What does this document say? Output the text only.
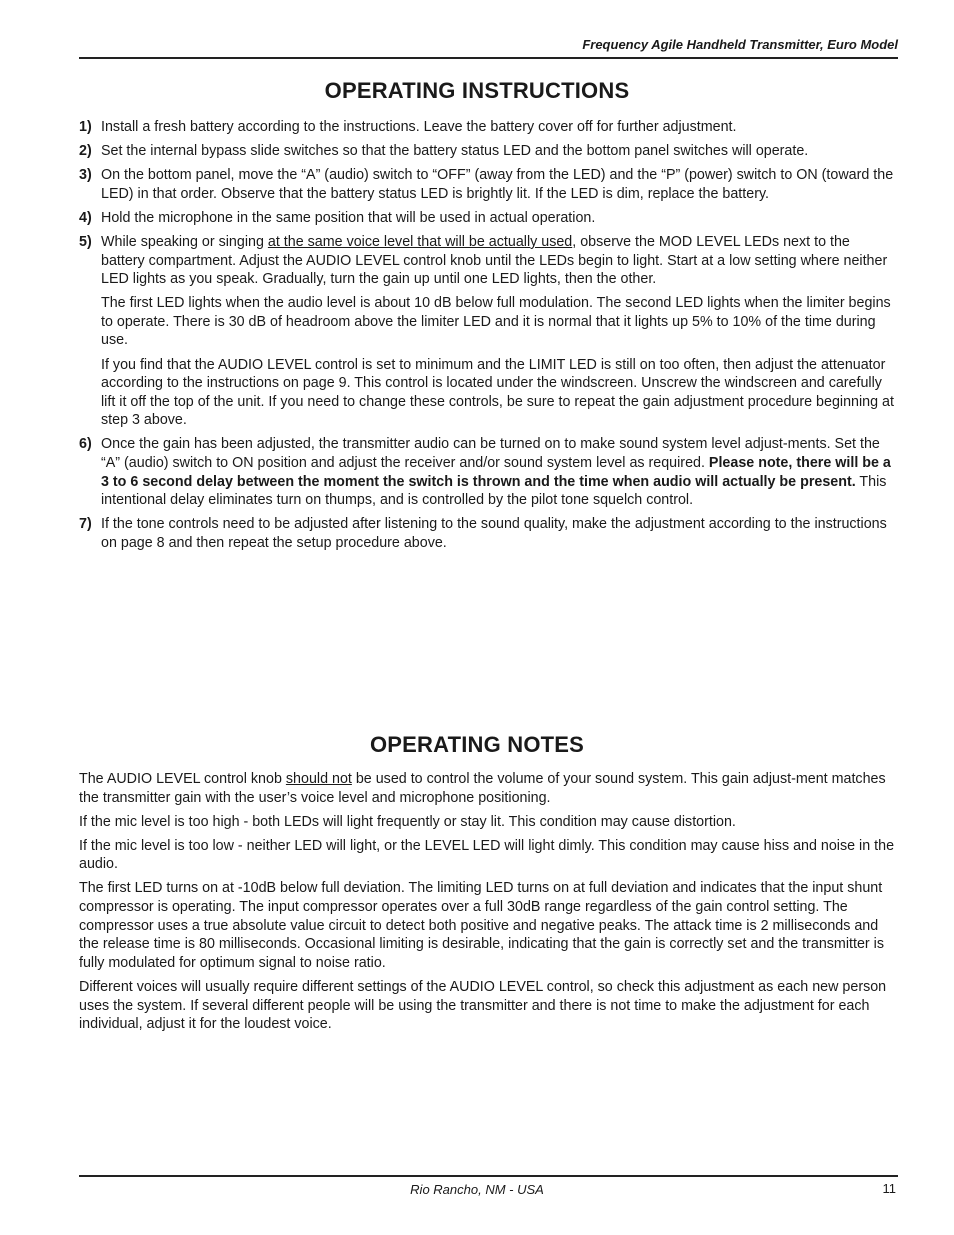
Frequency Agile Handheld Transmitter, Euro Model
OPERATING INSTRUCTIONS
1) Install a fresh battery according to the instructions. Leave the battery cover off for further adjustment.

2) Set the internal bypass slide switches so that the battery status LED and the bottom panel switches will operate.

3) On the bottom panel, move the “A” (audio) switch to “OFF” (away from the LED) and the “P” (power) switch to ON (toward the LED) in that order. Observe that the battery status LED is brightly lit. If the LED is dim, replace the battery.

4) Hold the microphone in the same position that will be used in actual operation.

5) While speaking or singing at the same voice level that will be actually used, observe the MOD LEVEL LEDs next to the battery compartment. Adjust the AUDIO LEVEL control knob until the LEDs begin to light. Start at a low setting where neither LED lights as you speak. Gradually, turn the gain up until one LED lights, then the other.

The first LED lights when the audio level is about 10 dB below full modulation. The second LED lights when the limiter begins to operate. There is 30 dB of headroom above the limiter LED and it is normal that it lights up 5% to 10% of the time during use.

If you find that the AUDIO LEVEL control is set to minimum and the LIMIT LED is still on too often, then adjust the attenuator according to the instructions on page 9. This control is located under the windscreen. Unscrew the windscreen and carefully lift it off the top of the unit. If you need to change these controls, be sure to repeat the gain adjustment procedure beginning at step 3 above.

6) Once the gain has been adjusted, the transmitter audio can be turned on to make sound system level adjust-ments. Set the “A” (audio) switch to ON position and adjust the receiver and/or sound system level as required. Please note, there will be a 3 to 6 second delay between the moment the switch is thrown and the time when audio will actually be present. This intentional delay eliminates turn on thumps, and is controlled by the pilot tone squelch control.

7) If the tone controls need to be adjusted after listening to the sound quality, make the adjustment according to the instructions on page 8 and then repeat the setup procedure above.

OPERATING NOTES

The AUDIO LEVEL control knob should not be used to control the volume of your sound system. This gain adjust-ment matches the transmitter gain with the user’s voice level and microphone positioning.

If the mic level is too high - both LEDs will light frequently or stay lit. This condition may cause distortion.

If the mic level is too low - neither LED will light, or the LEVEL LED will light dimly. This condition may cause hiss and noise in the audio.

The first LED turns on at -10dB below full deviation. The limiting LED turns on at full deviation and indicates that the input shunt compressor is operating. The input compressor operates over a full 30dB range regardless of the gain control setting. The compressor uses a true absolute value circuit to detect both positive and negative peaks. The attack time is 2 milliseconds and the release time is 80 milliseconds. Occasional limiting is desirable, indicating that the gain is correctly set and the transmitter is fully modulated for optimum signal to noise ratio.

Different voices will usually require different settings of the AUDIO LEVEL control, so check this adjustment as each new person uses the system. If several different people will be using the transmitter and there is not time to make the adjustment for each individual, adjust it for the loudest voice.

Rio Rancho, NM - USA	11
